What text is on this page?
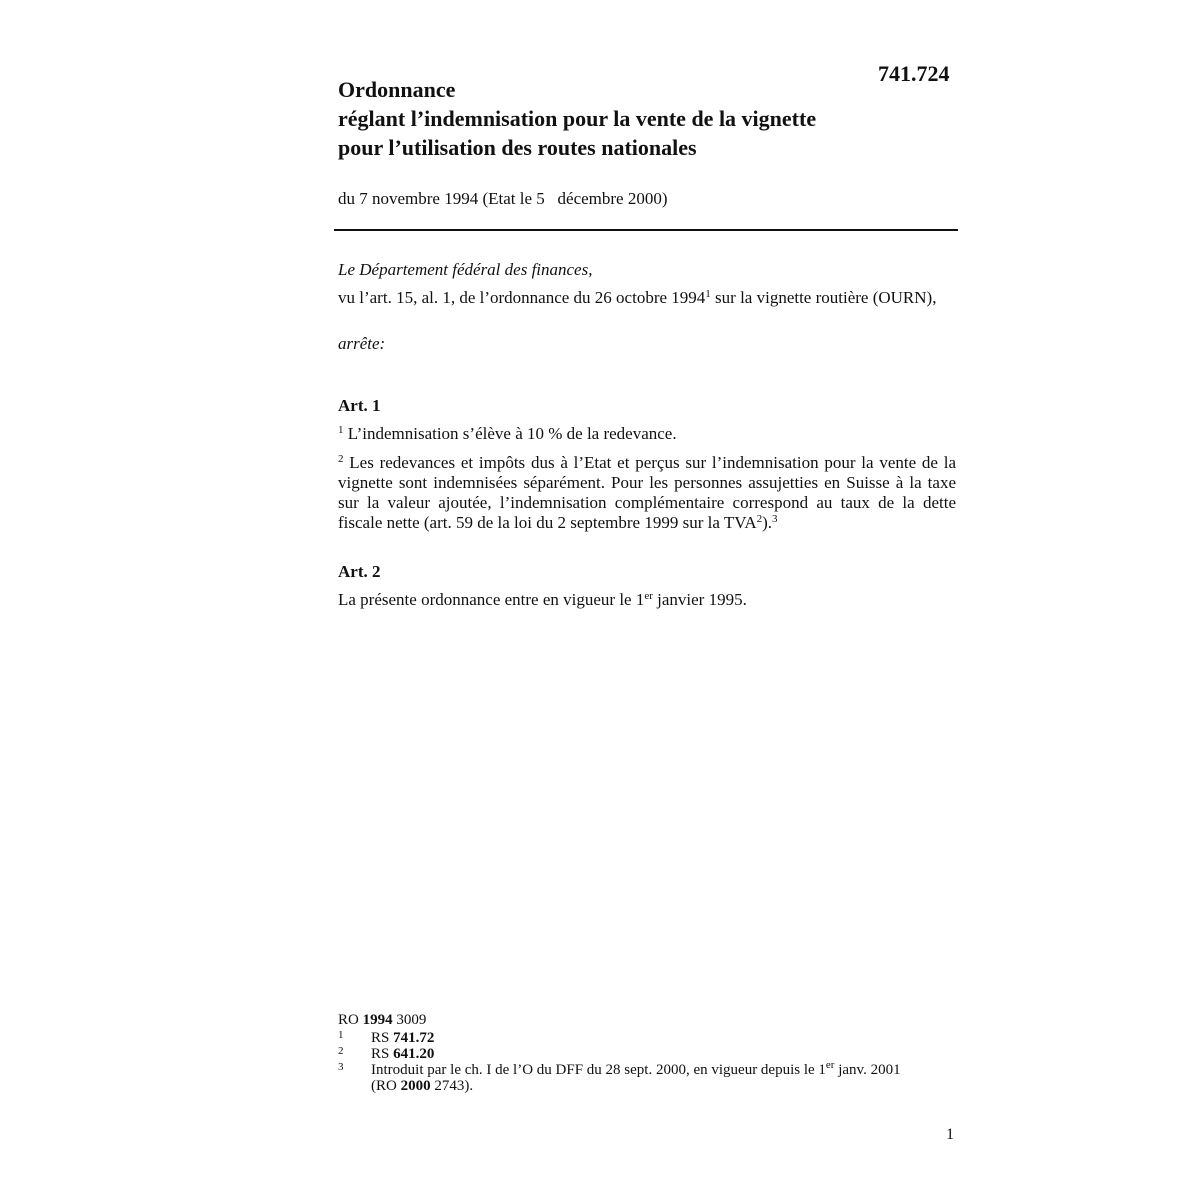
741.724
Ordonnance
réglant l’indemnisation pour la vente de la vignette
pour l’utilisation des routes nationales
du 7 novembre 1994 (Etat le 5   décembre 2000)
Le Département fédéral des finances,
vu l’art. 15, al. 1, de l’ordonnance du 26 octobre 1994$^1$ sur la vignette routière (OURN),
arrête:
Art. 1
$^1$ L’indemnisation s’élève à 10 % de la redevance.
$^2$ Les redevances et impôts dus à l’Etat et perçus sur l’indemnisation pour la vente de la vignette sont indemnisées séparément. Pour les personnes assujetties en Suisse à la taxe sur la valeur ajoutée, l’indemnisation complémentaire correspond au taux de la dette fiscale nette (art. 59 de la loi du 2 septembre 1999 sur la TVA$^2$).$^3$
Art. 2
La présente ordonnance entre en vigueur le 1er janvier 1995.
RO 1994 3009
1 RS 741.72
2 RS 641.20
3 Introduit par le ch. I de l’O du DFF du 28 sept. 2000, en vigueur depuis le 1er janv. 2001
(RO 2000 2743).
1
